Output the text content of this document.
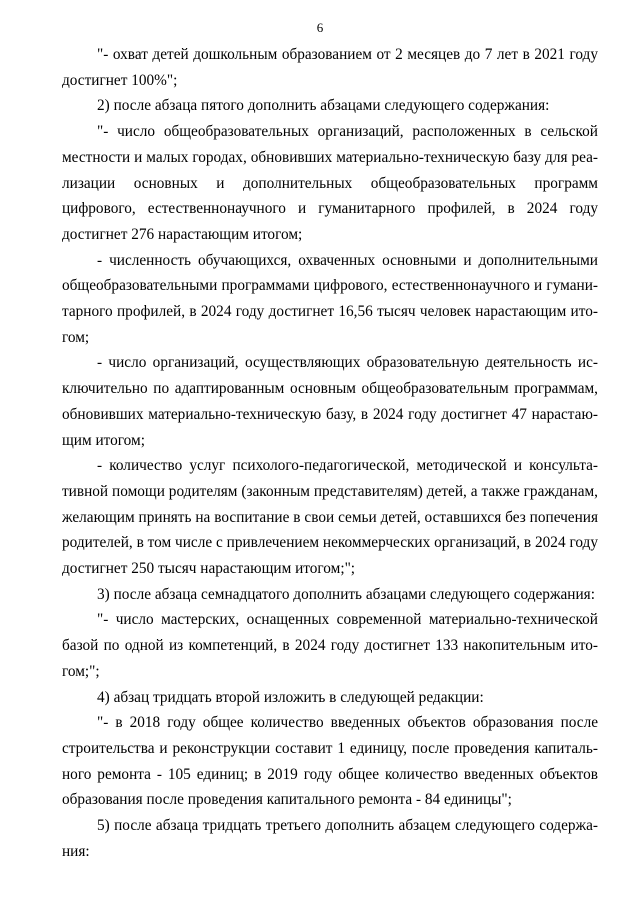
6

"- охват детей дошкольным образованием от 2 месяцев до 7 лет в 2021 году достигнет 100%";

2) после абзаца пятого дополнить абзацами следующего содержания:

"- число общеобразовательных организаций, расположенных в сельской местности и малых городах, обновивших материально-техническую базу для реализации основных и дополнительных общеобразовательных программ цифрового, естественнонаучного и гуманитарного профилей, в 2024 году достигнет 276 нарастающим итогом;

- численность обучающихся, охваченных основными и дополнительными общеобразовательными программами цифрового, естественнонаучного и гуманитарного профилей, в 2024 году достигнет 16,56 тысяч человек нарастающим итогом;

- число организаций, осуществляющих образовательную деятельность исключительно по адаптированным основным общеобразовательным программам, обновивших материально-техническую базу, в 2024 году достигнет 47 нарастающим итогом;

- количество услуг психолого-педагогической, методической и консультативной помощи родителям (законным представителям) детей, а также гражданам, желающим принять на воспитание в свои семьи детей, оставшихся без попечения родителей, в том числе с привлечением некоммерческих организаций, в 2024 году достигнет 250 тысяч нарастающим итогом;";

3) после абзаца семнадцатого дополнить абзацами следующего содержания:

"- число мастерских, оснащенных современной материально-технической базой по одной из компетенций, в 2024 году достигнет 133 накопительным итогом;";

4) абзац тридцать второй изложить в следующей редакции:

"- в 2018 году общее количество введенных объектов образования после строительства и реконструкции составит 1 единицу, после проведения капитального ремонта - 105 единиц; в 2019 году общее количество введенных объектов образования после проведения капитального ремонта - 84 единицы";

5) после абзаца тридцать третьего дополнить абзацем следующего содержания:
